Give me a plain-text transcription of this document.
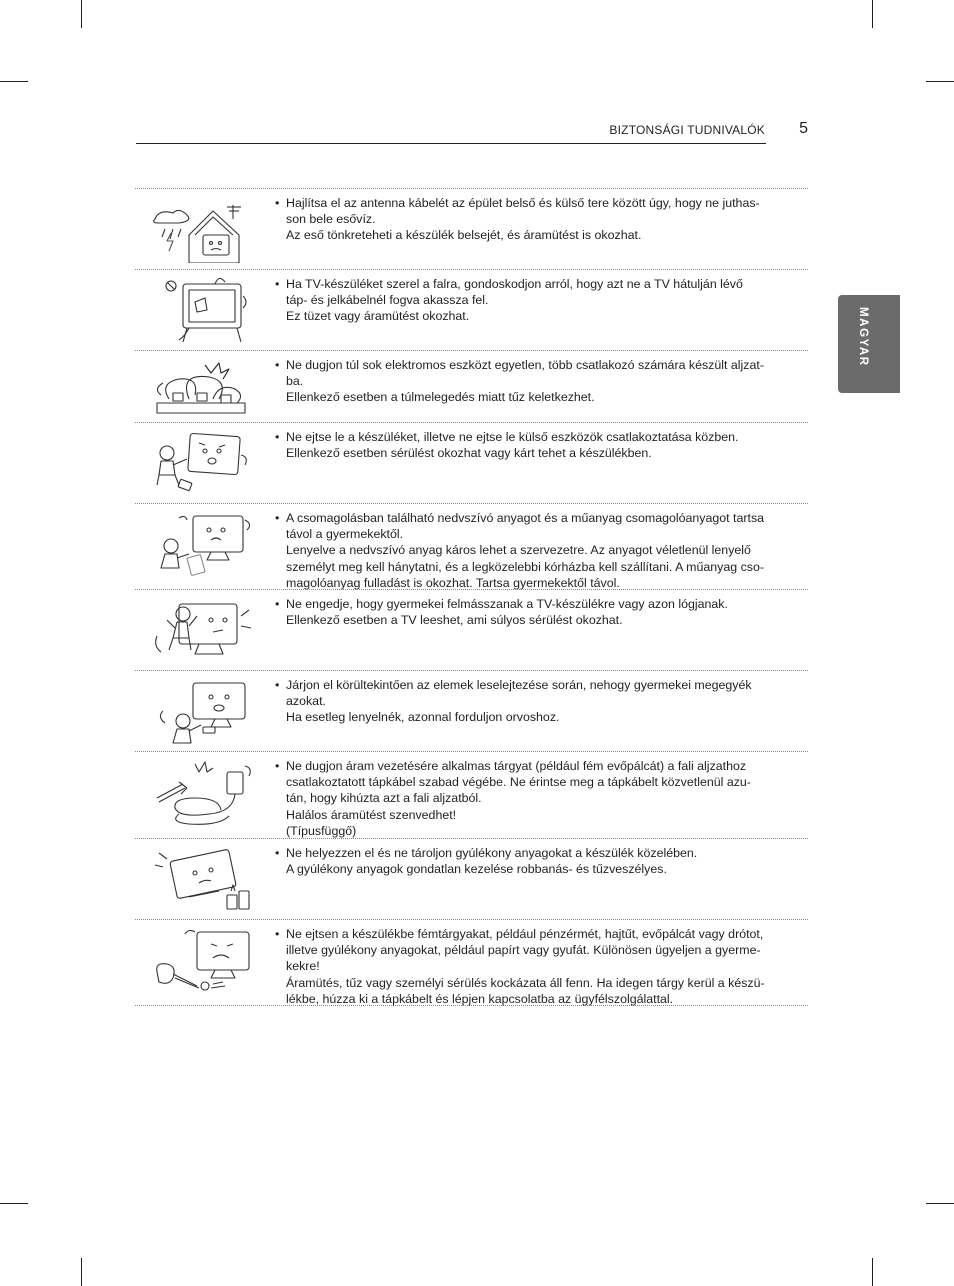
BIZTONSÁGI TUDNIVALÓK 5
MAGYAR

• Hajlítsa el az antenna kábelét az épület belső és külső tere között úgy, hogy ne juthas-

son bele esővíz.

Az eső tönkreteheti a készülék belsejét, és áramütést is okozhat.

• Ha TV-készüléket szerel a falra, gondoskodjon arról, hogy azt ne a TV hátulján lévő

táp- és jelkábelnél fogva akassza fel.

Ez tüzet vagy áramütést okozhat.

• Ne dugjon túl sok elektromos eszközt egyetlen, több csatlakozó számára készült aljzat-

ba.

Ellenkező esetben a túlmelegedés miatt tűz keletkezhet.

• Ne ejtse le a készüléket, illetve ne ejtse le külső eszközök csatlakoztatása közben.

Ellenkező esetben sérülést okozhat vagy kárt tehet a készülékben.

• A csomagolásban található nedvszívó anyagot és a műanyag csomagolóanyagot tartsa

távol a gyermekektől.

Lenyelve a nedvszívó anyag káros lehet a szervezetre. Az anyagot véletlenül lenyelő

személyt meg kell hánytatni, és a legközelebbi kórházba kell szállítani. A műanyag cso-

magolóanyag fulladást is okozhat. Tartsa gyermekektől távol.

• Ne engedje, hogy gyermekei felmásszanak a TV-készülékre vagy azon lógjanak.

Ellenkező esetben a TV leeshet, ami súlyos sérülést okozhat.

• Járjon el körültekintően az elemek leselejtezése során, nehogy gyermekei megegyék

azokat.

Ha esetleg lenyelnék, azonnal forduljon orvoshoz.

• Ne dugjon áram vezetésére alkalmas tárgyat (például fém evőpálcát) a fali aljzathoz

csatlakoztatott tápkábel szabad végébe. Ne érintse meg a tápkábelt közvetlenül azu-

tán, hogy kihúzta azt a fali aljzatból.

Halálos áramütést szenvedhet!

(Típusfüggő)

• Ne helyezzen el és ne tároljon gyúlékony anyagokat a készülék közelében.

A gyúlékony anyagok gondatlan kezelése robbanás- és tűzveszélyes.

• Ne ejtsen a készülékbe fémtárgyakat, például pénzérmét, hajtűt, evőpálcát vagy drótot,

illetve gyúlékony anyagokat, például papírt vagy gyufát. Különösen ügyeljen a gyerme-

kekre!

Áramütés, tűz vagy személyi sérülés kockázata áll fenn. Ha idegen tárgy kerül a készü-

lékbe, húzza ki a tápkábelt és lépjen kapcsolatba az ügyfélszolgálattal.
